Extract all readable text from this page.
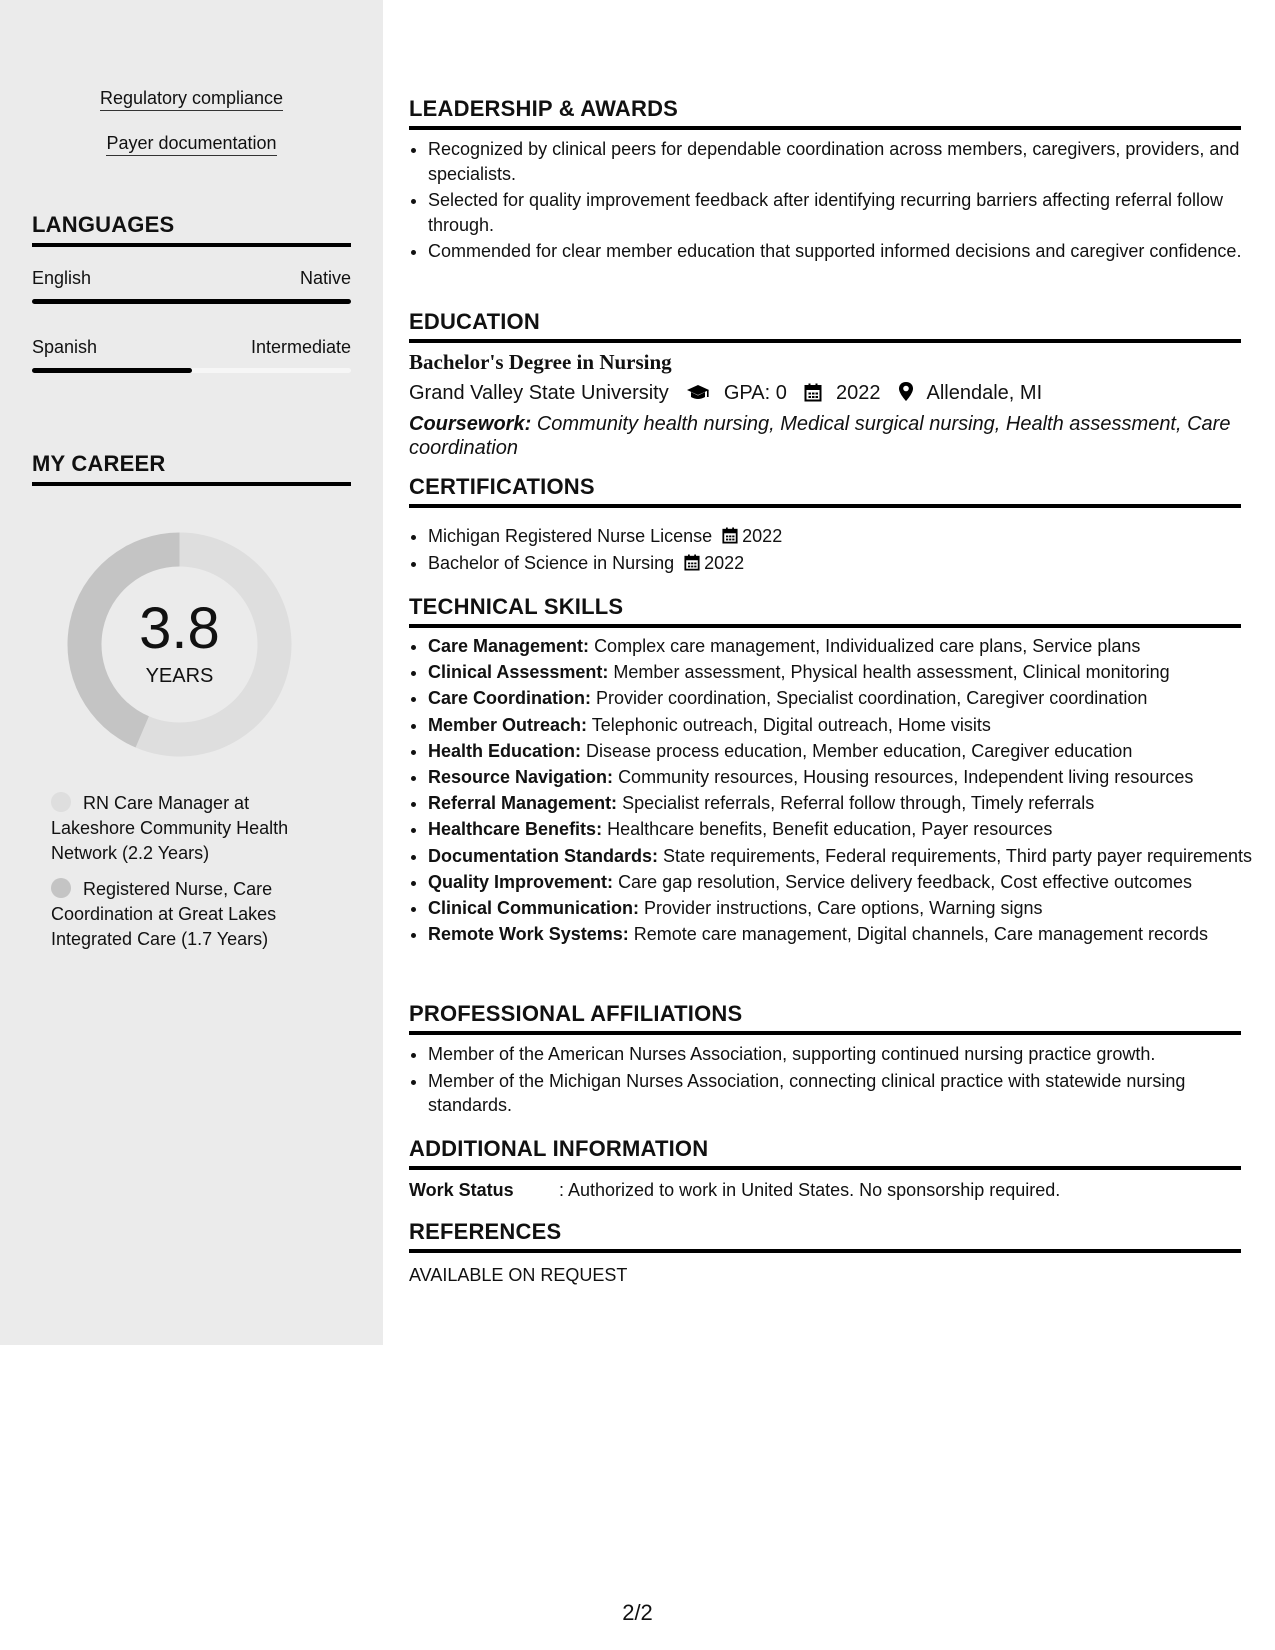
Regulatory compliance
Payer documentation
LANGUAGES
English	Native
Spanish	Intermediate
MY CAREER
3.8
YEARS
RN Care Manager at Lakeshore Community Health Network (2.2 Years)
Registered Nurse, Care Coordination at Great Lakes Integrated Care (1.7 Years)
LEADERSHIP & AWARDS
• Recognized by clinical peers for dependable coordination across members, caregivers, providers, and specialists.
• Selected for quality improvement feedback after identifying recurring barriers affecting referral follow through.
• Commended for clear member education that supported informed decisions and caregiver confidence.
EDUCATION
Bachelor's Degree in Nursing
Grand Valley State University	GPA: 0 2022 Allendale, MI
Coursework: Community health nursing, Medical surgical nursing, Health assessment, Care coordination
CERTIFICATIONS
• Michigan Registered Nurse License 2022
• Bachelor of Science in Nursing 2022
TECHNICAL SKILLS
• Care Management: Complex care management, Individualized care plans, Service plans
• Clinical Assessment: Member assessment, Physical health assessment, Clinical monitoring
• Care Coordination: Provider coordination, Specialist coordination, Caregiver coordination
• Member Outreach: Telephonic outreach, Digital outreach, Home visits
• Health Education: Disease process education, Member education, Caregiver education
• Resource Navigation: Community resources, Housing resources, Independent living resources
• Referral Management: Specialist referrals, Referral follow through, Timely referrals
• Healthcare Benefits: Healthcare benefits, Benefit education, Payer resources
• Documentation Standards: State requirements, Federal requirements, Third party payer requirements
• Quality Improvement: Care gap resolution, Service delivery feedback, Cost effective outcomes
• Clinical Communication: Provider instructions, Care options, Warning signs
• Remote Work Systems: Remote care management, Digital channels, Care management records
PROFESSIONAL AFFILIATIONS
• Member of the American Nurses Association, supporting continued nursing practice growth.
• Member of the Michigan Nurses Association, connecting clinical practice with statewide nursing standards.
ADDITIONAL INFORMATION
Work Status	: Authorized to work in United States. No sponsorship required.
REFERENCES
AVAILABLE ON REQUEST
2/2
